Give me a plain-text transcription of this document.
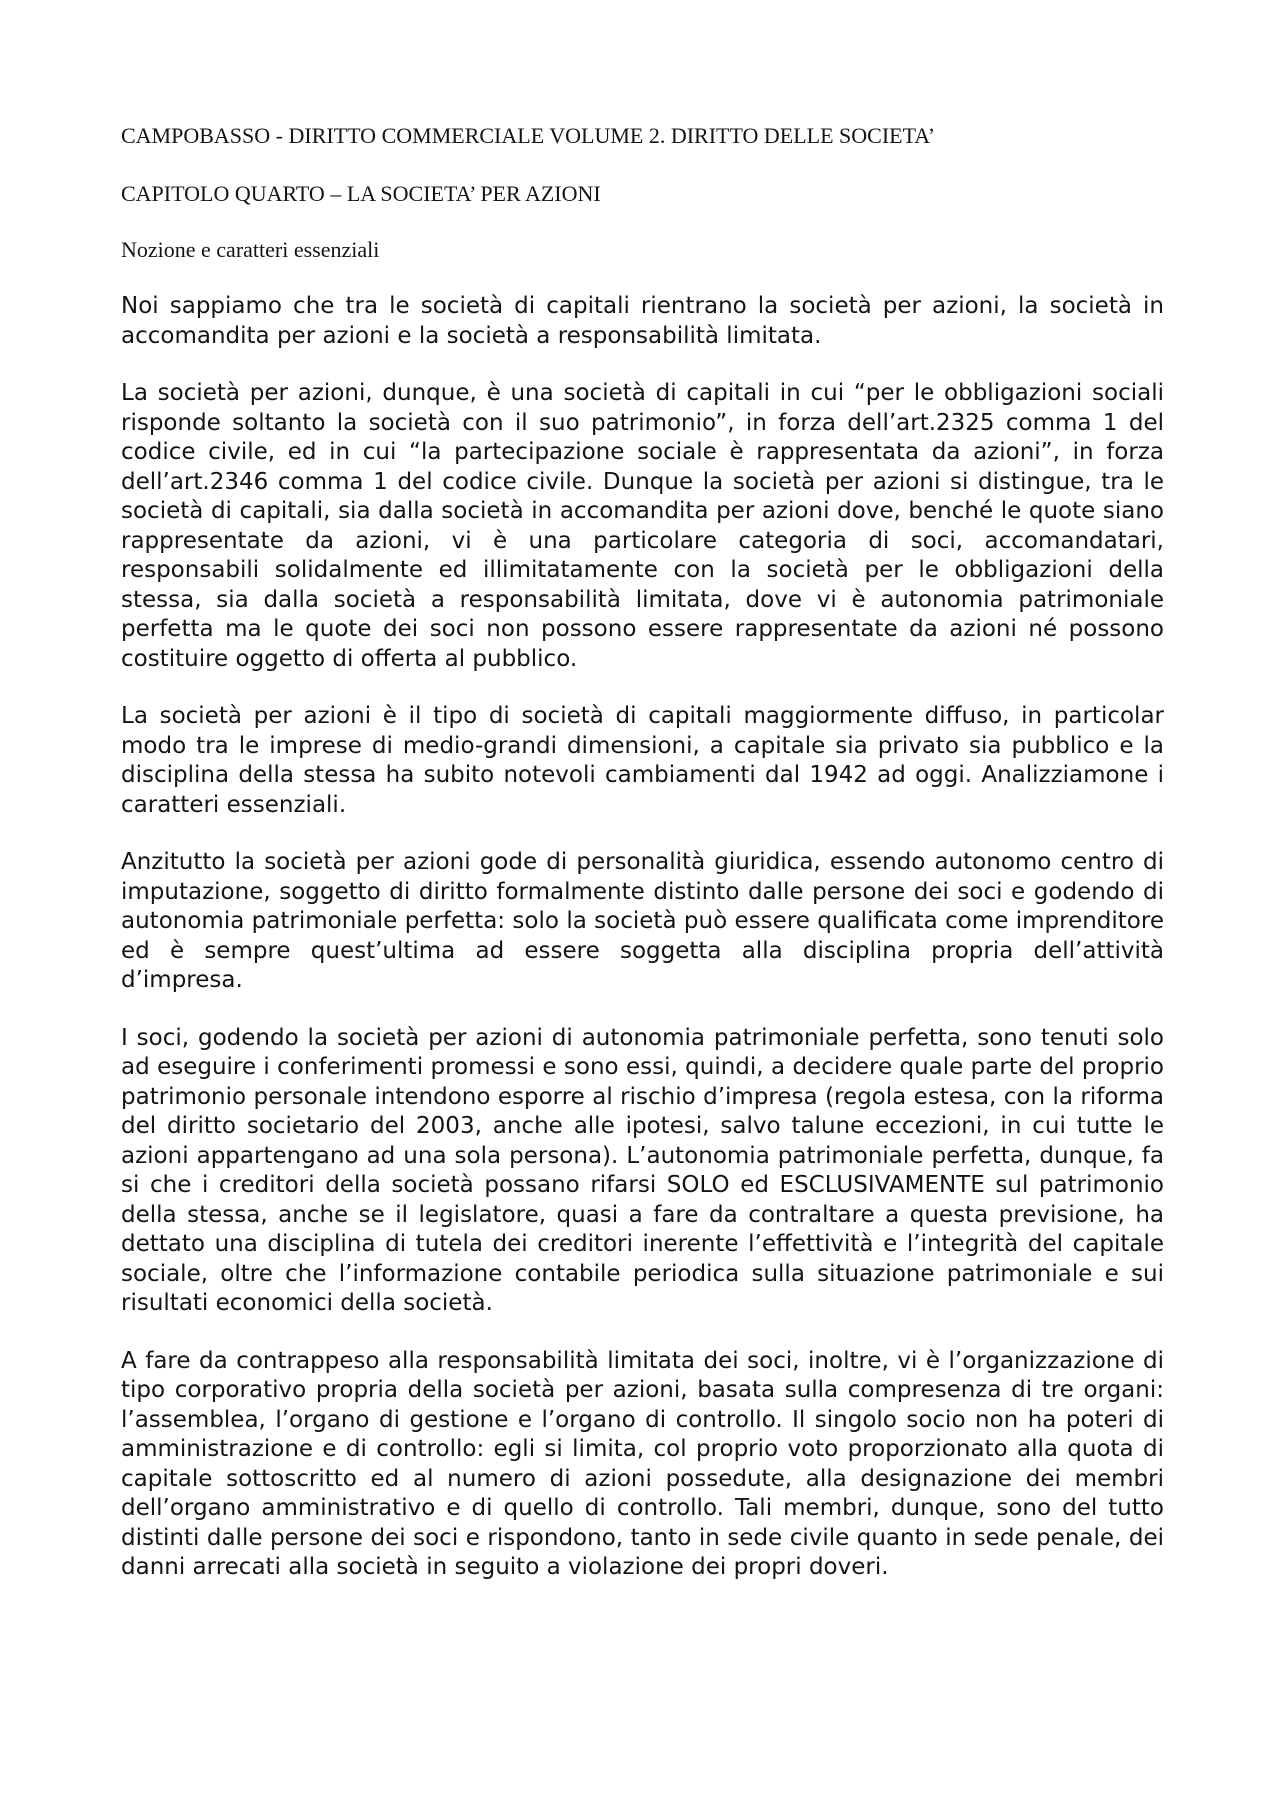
CAMPOBASSO - DIRITTO COMMERCIALE VOLUME 2. DIRITTO DELLE SOCIETA’

CAPITOLO QUARTO – LA SOCIETA’ PER AZIONI

Nozione e caratteri essenziali

Noi sappiamo che tra le società di capitali rientrano la società per azioni, la società in accomandita per azioni e la società a responsabilità limitata.

La società per azioni, dunque, è una società di capitali in cui “per le obbligazioni sociali risponde soltanto la società con il suo patrimonio”, in forza dell’art.2325 comma 1 del codice civile, ed in cui “la partecipazione sociale è rappresentata da azioni”, in forza dell’art.2346 comma 1 del codice civile. Dunque la società per azioni si distingue, tra le società di capitali, sia dalla società in accomandita per azioni dove, benché le quote siano rappresentate da azioni, vi è una particolare categoria di soci, accomandatari, responsabili solidalmente ed illimitatamente con la società per le obbligazioni della stessa, sia dalla società a responsabilità limitata, dove vi è autonomia patrimoniale perfetta ma le quote dei soci non possono essere rappresentate da azioni né possono costituire oggetto di offerta al pubblico.

La società per azioni è il tipo di società di capitali maggiormente diffuso, in particolar modo tra le imprese di medio-grandi dimensioni, a capitale sia privato sia pubblico e la disciplina della stessa ha subito notevoli cambiamenti dal 1942 ad oggi. Analizziamone i caratteri essenziali.

Anzitutto la società per azioni gode di personalità giuridica, essendo autonomo centro di imputazione, soggetto di diritto formalmente distinto dalle persone dei soci e godendo di autonomia patrimoniale perfetta: solo la società può essere qualificata come imprenditore ed è sempre quest’ultima ad essere soggetta alla disciplina propria dell’attività d’impresa.

I soci, godendo la società per azioni di autonomia patrimoniale perfetta, sono tenuti solo ad eseguire i conferimenti promessi e sono essi, quindi, a decidere quale parte del proprio patrimonio personale intendono esporre al rischio d’impresa (regola estesa, con la riforma del diritto societario del 2003, anche alle ipotesi, salvo talune eccezioni, in cui tutte le azioni appartengano ad una sola persona). L’autonomia patrimoniale perfetta, dunque, fa si che i creditori della società possano rifarsi SOLO ed ESCLUSIVAMENTE sul patrimonio della stessa, anche se il legislatore, quasi a fare da contraltare a questa previsione, ha dettato una disciplina di tutela dei creditori inerente l’effettività e l’integrità del capitale sociale, oltre che l’informazione contabile periodica sulla situazione patrimoniale e sui risultati economici della società.

A fare da contrappeso alla responsabilità limitata dei soci, inoltre, vi è l’organizzazione di tipo corporativo propria della società per azioni, basata sulla compresenza di tre organi: l’assemblea, l’organo di gestione e l’organo di controllo. Il singolo socio non ha poteri di amministrazione e di controllo: egli si limita, col proprio voto proporzionato alla quota di capitale sottoscritto ed al numero di azioni possedute, alla designazione dei membri dell’organo amministrativo e di quello di controllo. Tali membri, dunque, sono del tutto distinti dalle persone dei soci e rispondono, tanto in sede civile quanto in sede penale, dei danni arrecati alla società in seguito a violazione dei propri doveri.
